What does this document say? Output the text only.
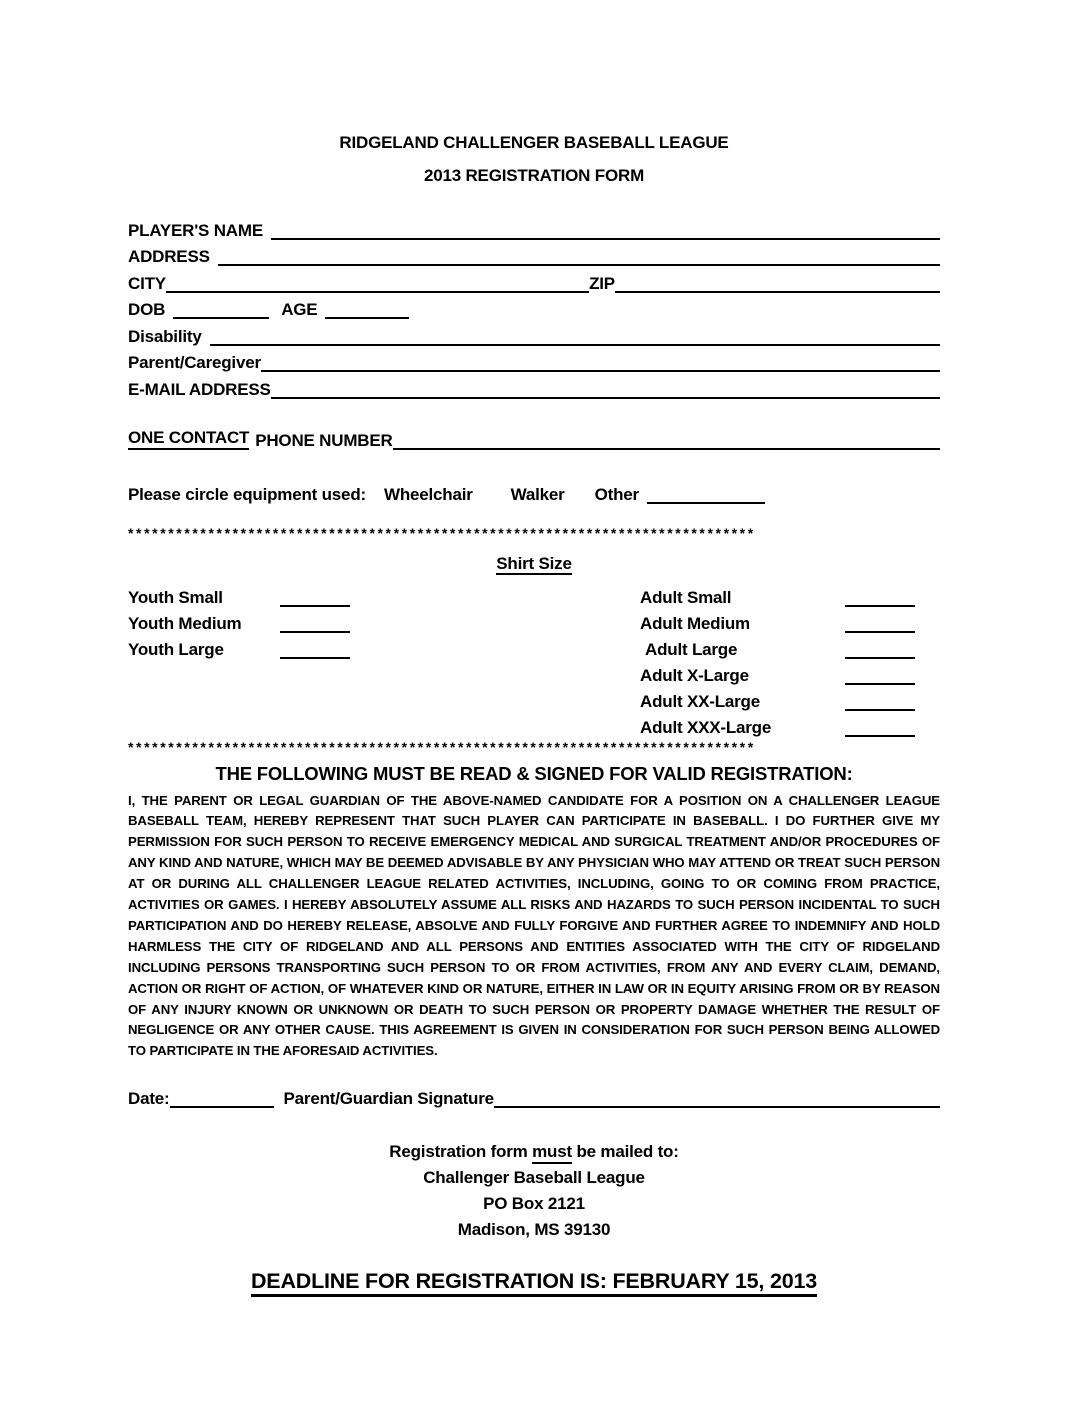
RIDGELAND CHALLENGER BASEBALL LEAGUE
2013 REGISTRATION FORM
PLAYER'S NAME
ADDRESS
CITY	ZIP
DOB	AGE
Disability
Parent/Caregiver
E-MAIL ADDRESS
ONE CONTACT PHONE NUMBER
Please circle equipment used: Wheelchair Walker Other
******************************************************************************
Shirt Size
Youth Small
Youth Medium
Youth Large
Adult Small
Adult Medium
Adult Large
Adult X-Large
Adult XX-Large
Adult XXX-Large
******************************************************************************
THE FOLLOWING MUST BE READ & SIGNED FOR VALID REGISTRATION:
I, THE PARENT OR LEGAL GUARDIAN OF THE ABOVE-NAMED CANDIDATE FOR A POSITION ON A CHALLENGER LEAGUE BASEBALL TEAM, HEREBY REPRESENT THAT SUCH PLAYER CAN PARTICIPATE IN BASEBALL. I DO FURTHER GIVE MY PERMISSION FOR SUCH PERSON TO RECEIVE EMERGENCY MEDICAL AND SURGICAL TREATMENT AND/OR PROCEDURES OF ANY KIND AND NATURE, WHICH MAY BE DEEMED ADVISABLE BY ANY PHYSICIAN WHO MAY ATTEND OR TREAT SUCH PERSON AT OR DURING ALL CHALLENGER LEAGUE RELATED ACTIVITIES, INCLUDING, GOING TO OR COMING FROM PRACTICE, ACTIVITIES OR GAMES. I HEREBY ABSOLUTELY ASSUME ALL RISKS AND HAZARDS TO SUCH PERSON INCIDENTAL TO SUCH PARTICIPATION AND DO HEREBY RELEASE, ABSOLVE AND FULLY FORGIVE AND FURTHER AGREE TO INDEMNIFY AND HOLD HARMLESS THE CITY OF RIDGELAND AND ALL PERSONS AND ENTITIES ASSOCIATED WITH THE CITY OF RIDGELAND INCLUDING PERSONS TRANSPORTING SUCH PERSON TO OR FROM ACTIVITIES, FROM ANY AND EVERY CLAIM, DEMAND, ACTION OR RIGHT OF ACTION, OF WHATEVER KIND OR NATURE, EITHER IN LAW OR IN EQUITY ARISING FROM OR BY REASON OF ANY INJURY KNOWN OR UNKNOWN OR DEATH TO SUCH PERSON OR PROPERTY DAMAGE WHETHER THE RESULT OF NEGLIGENCE OR ANY OTHER CAUSE. THIS AGREEMENT IS GIVEN IN CONSIDERATION FOR SUCH PERSON BEING ALLOWED TO PARTICIPATE IN THE AFORESAID ACTIVITIES.
Date:	Parent/Guardian Signature
Registration form must be mailed to:
Challenger Baseball League
PO Box 2121
Madison, MS 39130
DEADLINE FOR REGISTRATION IS: FEBRUARY 15, 2013
